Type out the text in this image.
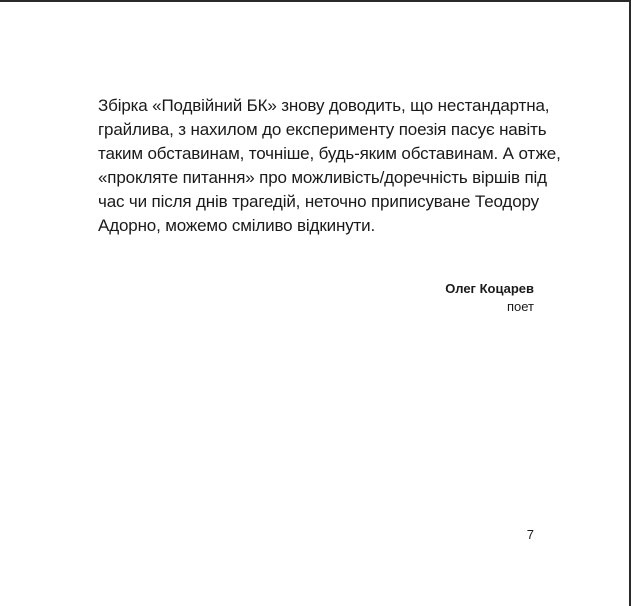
Збірка «Подвійний БК» знову доводить, що нестандартна,
грайлива, з нахилом до експерименту поезія пасує навіть
таким обставинам, точніше, будь-яким обставинам. А отже,
«прокляте питання» про можливість/доречність віршів під
час чи після днів трагедій, неточно приписуване Теодору
Адорно, можемо сміливо відкинути.
Олег Коцарев
поет
7
